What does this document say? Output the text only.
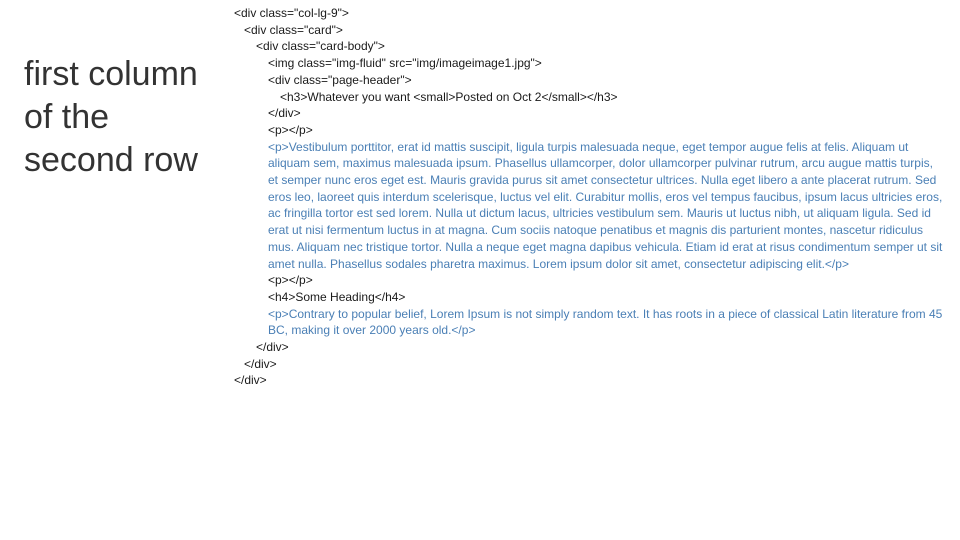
first column
of the
second row
<div class="col-lg-9">
<div class="card">
<div class="card-body">
<img class="img-fluid" src="img/imageimage1.jpg">
<div class="page-header">
<h3>Whatever you want <small>Posted on Oct 2</small></h3>
</div>
<p></p>
<p>Vestibulum porttitor, erat id mattis suscipit, ligula turpis malesuada neque, eget tempor augue felis at felis. Aliquam ut aliquam sem, maximus malesuada ipsum. Phasellus ullamcorper, dolor ullamcorper pulvinar rutrum, arcu augue mattis turpis, et semper nunc eros eget est. Mauris gravida purus sit amet consectetur ultrices. Nulla eget libero a ante placerat rutrum. Sed eros leo, laoreet quis interdum scelerisque, luctus vel elit. Curabitur mollis, eros vel tempus faucibus, ipsum lacus ultricies eros, ac fringilla tortor est sed lorem. Nulla ut dictum lacus, ultricies vestibulum sem. Mauris ut luctus nibh, ut aliquam ligula. Sed id erat ut nisi fermentum luctus in at magna. Cum sociis natoque penatibus et magnis dis parturient montes, nascetur ridiculus mus. Aliquam nec tristique tortor. Nulla a neque eget magna dapibus vehicula. Etiam id erat at risus condimentum semper ut sit amet nulla. Phasellus sodales pharetra maximus. Lorem ipsum dolor sit amet, consectetur adipiscing elit.</p>
<p></p>
<h4>Some Heading</h4>
<p>Contrary to popular belief, Lorem Ipsum is not simply random text. It has roots in a piece of classical Latin literature from 45 BC, making it over 2000 years old.</p>
</div>
</div>
</div>
